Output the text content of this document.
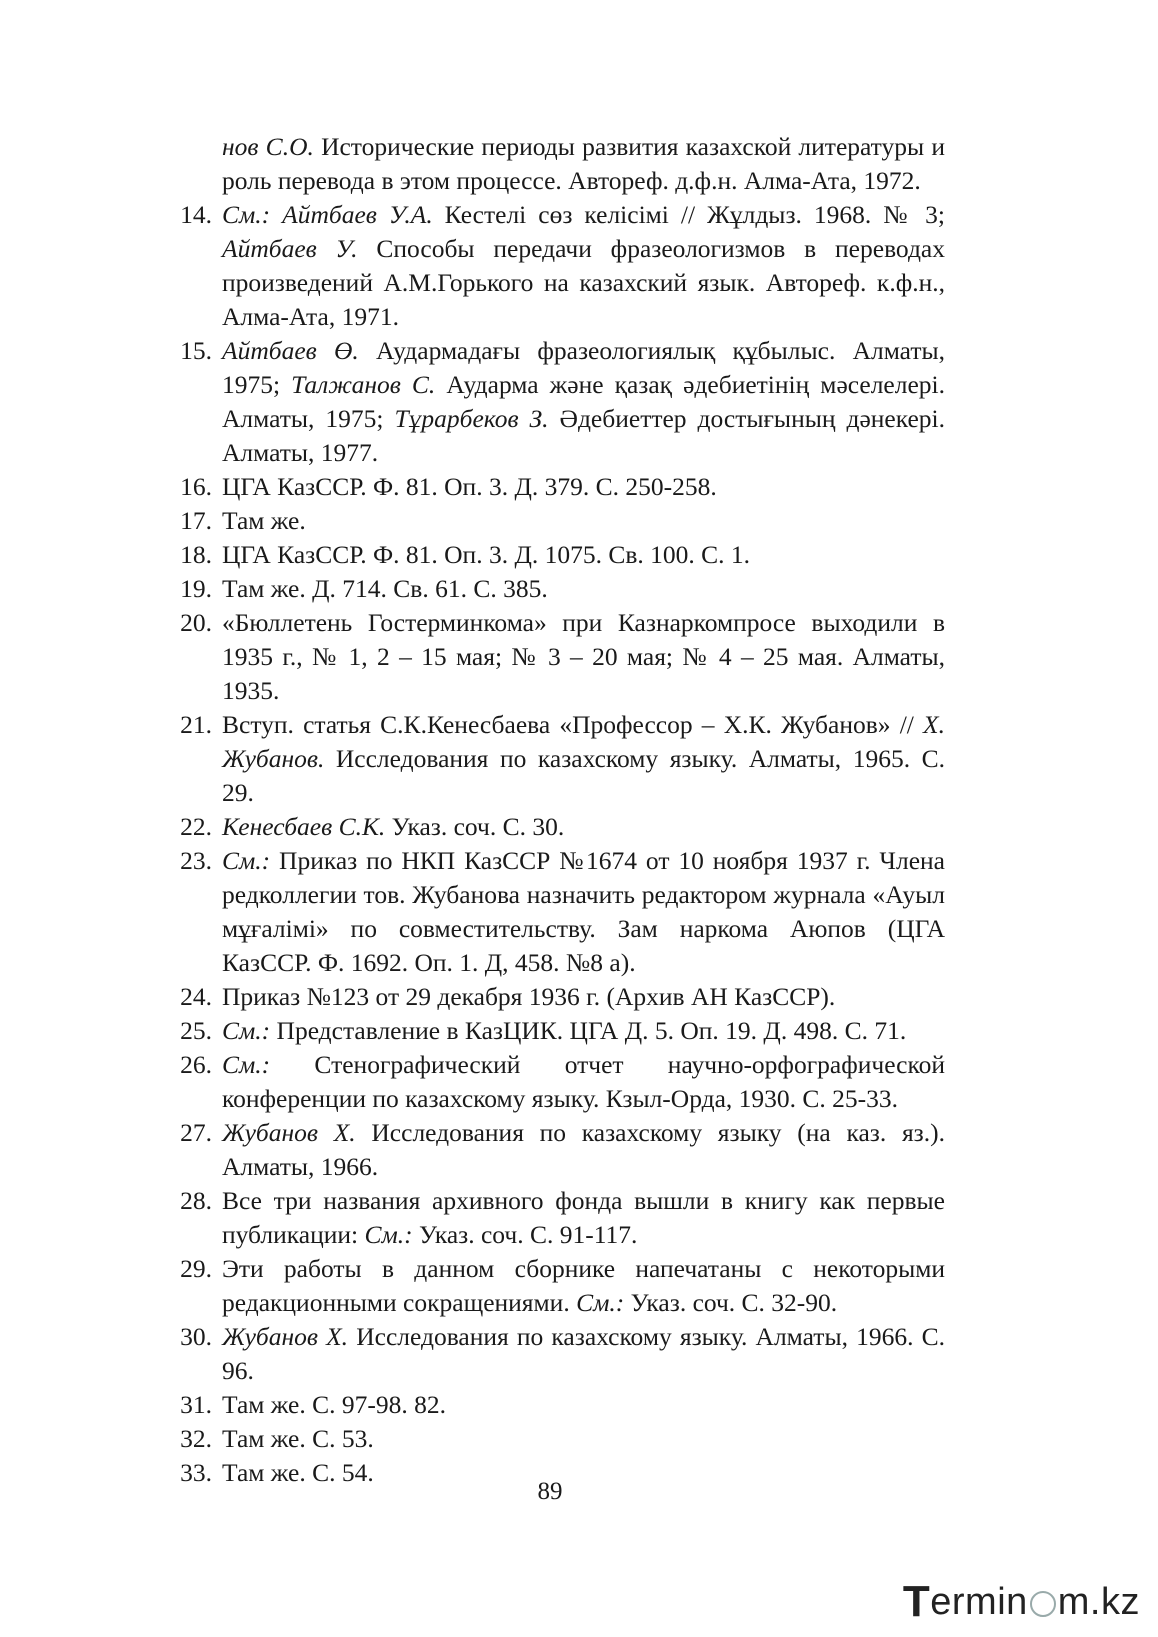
нов С.О. Исторические периоды развития казахской литературы и роль перевода в этом процессе. Автореф. д.ф.н. Алма-Ата, 1972.
14. См.: Айтбаев У.А. Кестелі сөз келісімі // Жұлдыз. 1968. № 3; Айтбаев У. Способы передачи фразеологизмов в переводах произведений А.М.Горького на казахский язык. Автореф. к.ф.н., Алма-Ата, 1971.
15. Айтбаев Ө. Аудармадағы фразеологиялық құбылыс. Алматы, 1975; Талжанов С. Аударма және қазақ әдебиетінің мәселелері. Алматы, 1975; Тұрарбеков З. Әдебиеттер достығының дәнекері. Алматы, 1977.
16. ЦГА КазССР. Ф. 81. Оп. 3. Д. 379. С. 250-258.
17. Там же.
18. ЦГА КазССР. Ф. 81. Оп. 3. Д. 1075. Св. 100. С. 1.
19. Там же. Д. 714. Св. 61. С. 385.
20. «Бюллетень Гостерминкома» при Казнаркомпросе выходили в 1935 г., № 1, 2 – 15 мая; № 3 – 20 мая; № 4 – 25 мая. Алматы, 1935.
21. Вступ. статья С.К.Кенесбаева «Профессор – Х.К. Жубанов» // Х. Жубанов. Исследования по казахскому языку. Алматы, 1965. С. 29.
22. Кенесбаев С.К. Указ. соч. С. 30.
23. См.: Приказ по НКП КазССР №1674 от 10 ноября 1937 г. Члена редколлегии тов. Жубанова назначить редактором журнала «Ауыл мұғалімі» по совместительству. Зам наркома Аюпов (ЦГА КазССР. Ф. 1692. Оп. 1. Д, 458. №8 а).
24. Приказ №123 от 29 декабря 1936 г. (Архив АН КазССР).
25. См.: Представление в КазЦИК. ЦГА Д. 5. Оп. 19. Д. 498. С. 71.
26. См.: Стенографический отчет научно-орфографической конференции по казахскому языку. Кзыл-Орда, 1930. С. 25-33.
27. Жубанов Х. Исследования по казахскому языку (на каз. яз.). Алматы, 1966.
28. Все три названия архивного фонда вышли в книгу как первые публикации: См.: Указ. соч. С. 91-117.
29. Эти работы в данном сборнике напечатаны с некоторыми редакционными сокращениями. См.: Указ. соч. С. 32-90.
30. Жубанов Х. Исследования по казахскому языку. Алматы, 1966. С. 96.
31. Там же. С. 97-98. 82.
32. Там же. С. 53.
33. Там же. С. 54.
89
T ermin m.kz
